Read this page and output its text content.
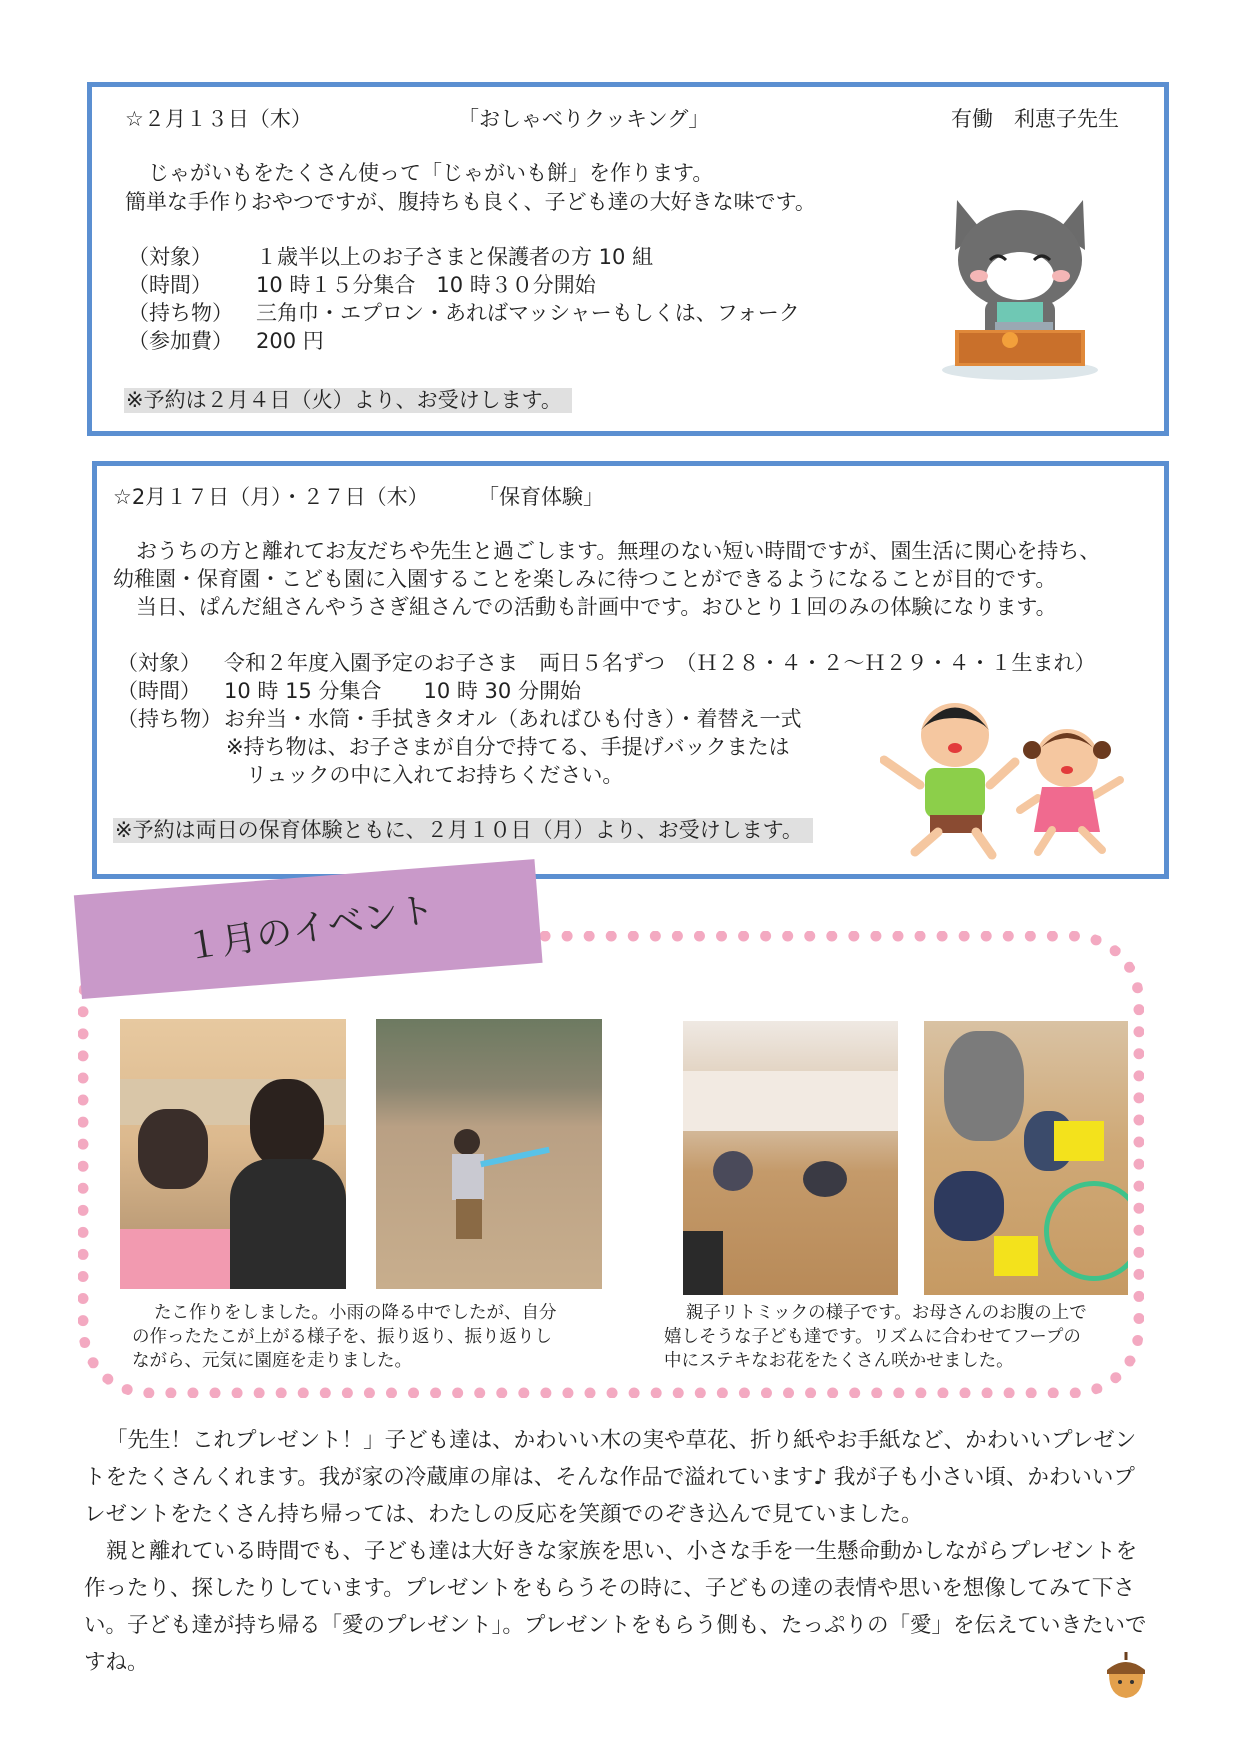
☆２月１３日（木）	「おしゃべりクッキング」	有働　利恵子先生
じゃがいもをたくさん使って「じゃがいも餅」を作ります。
簡単な手作りおやつですが、腹持ちも良く、子ども達の大好きな味です。
（対象） １歳半以上のお子さまと保護者の方 10 組
（時間） 10 時１５分集合　10 時３０分開始
（持ち物） 三角巾・エプロン・あればマッシャーもしくは、フォーク
（参加費） 200 円
※予約は２月４日（火）より、お受けします。
☆2月１７日（月）・２７日（木） 「保育体験」
おうちの方と離れてお友だちや先生と過ごします。無理のない短い時間ですが、園生活に関心を持ち、
幼稚園・保育園・こども園に入園することを楽しみに待つことができるようになることが目的です。
当日、ぱんだ組さんやうさぎ組さんでの活動も計画中です。おひとり１回のみの体験になります。
（対象） 令和２年度入園予定のお子さま　両日５名ずつ　（Ｈ２８・４・２〜Ｈ２９・４・１生まれ）
（時間） 10 時 15 分集合　　10 時 30 分開始
（持ち物） お弁当・水筒・手拭きタオル（あればひも付き）・着替え一式
※持ち物は、お子さまが自分で持てる、手提げバックまたは
リュックの中に入れてお持ちください。
※予約は両日の保育体験ともに、２月１０日（月）より、お受けします。
１月のイベント
たこ作りをしました。小雨の降る中でしたが、自分
の作ったたこが上がる様子を、振り返り、振り返りし
ながら、元気に園庭を走りました。
親子リトミックの様子です。お母さんのお腹の上で
嬉しそうな子ども達です。リズムに合わせてフープの
中にステキなお花をたくさん咲かせました。

「先生！これプレゼント！」子ども達は、かわいい木の実や草花、折り紙やお手紙など、かわいいプレゼントをたくさんくれます。我が家の冷蔵庫の扉は、そんな作品で溢れています♪ 我が子も小さい頃、かわいいプレゼントをたくさん持ち帰っては、わたしの反応を笑顔でのぞき込んで見ていました。

親と離れている時間でも、子ども達は大好きな家族を思い、小さな手を一生懸命動かしながらプレゼントを作ったり、探したりしています。プレゼントをもらうその時に、子どもの達の表情や思いを想像してみて下さい。子ども達が持ち帰る「愛のプレゼント」。プレゼントをもらう側も、たっぷりの「愛」を伝えていきたいですね。
